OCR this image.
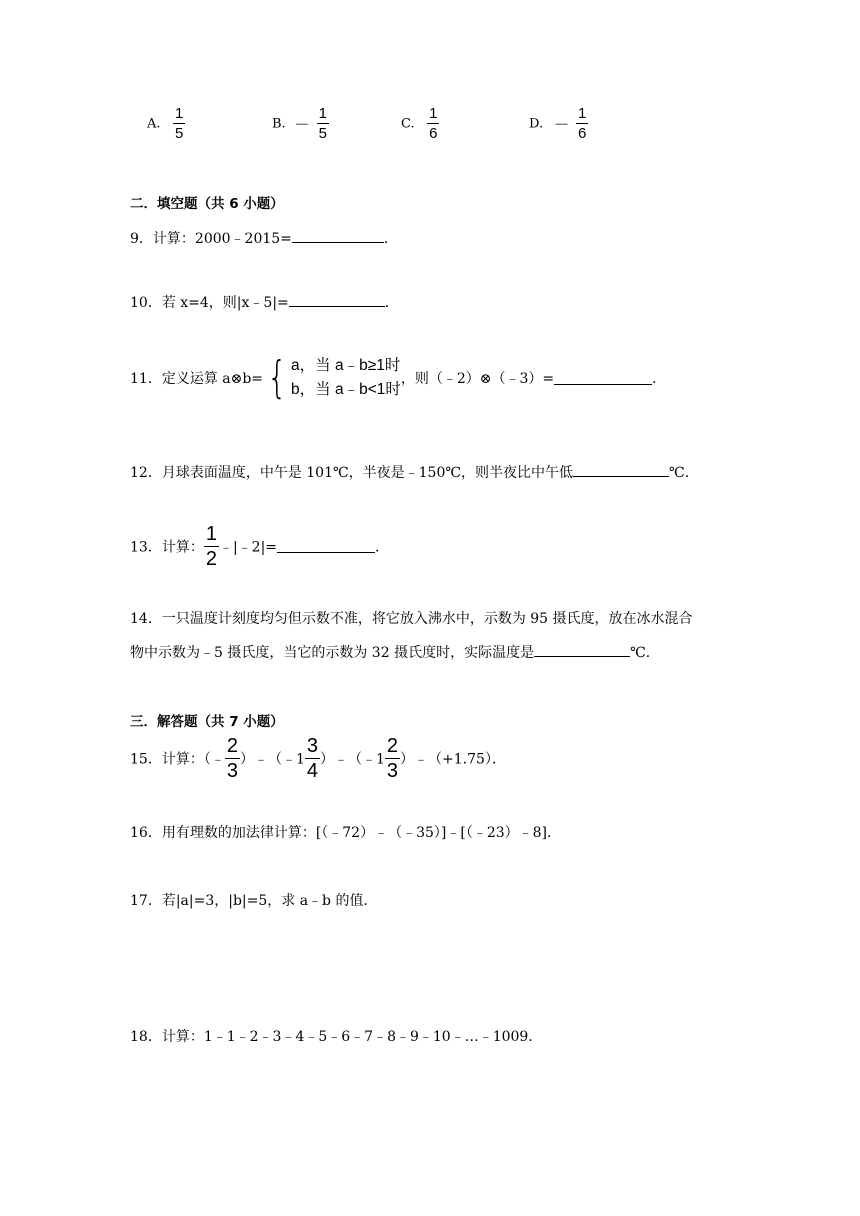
A. $\frac{1}{5}$	B. － $\frac{1}{5}$	C. $\frac{1}{6}$	D. － $\frac{1}{6}$
二．填空题（共 6 小题）
9．计算：2000﹣2015=	．
10．若 x=4，则|x﹣5|=	．
11．定义运算 a⊗b={ a，当 a﹣b≥1时
b，当 a﹣b<1时
，则（﹣2）⊗（﹣3）=	．
12．月球表面温度，中午是 101℃，半夜是﹣150℃，则半夜比中午低	℃．
13．计算： $\frac{1}{2}$ ﹣|﹣2|=	．
14．一只温度计刻度均匀但示数不准，将它放入沸水中，示数为 95 摄氏度，放在冰水混合
物中示数为﹣5 摄氏度，当它的示数为 32 摄氏度时，实际温度是	℃．
三．解答题（共 7 小题）
15．计算：（﹣ $\frac{2}{3}$ ）﹣（﹣1 $\frac{3}{4}$ ）﹣（﹣1 $\frac{2}{3}$ ）﹣（+1.75）．
16．用有理数的加法律计算：[（﹣72）﹣（﹣35）]﹣[（﹣23）﹣8]．
17．若|a|=3，|b|=5，求 a﹣b 的值．
18．计算：1﹣1﹣2﹣3﹣4﹣5﹣6﹣7﹣8﹣9﹣10﹣…﹣1009．
